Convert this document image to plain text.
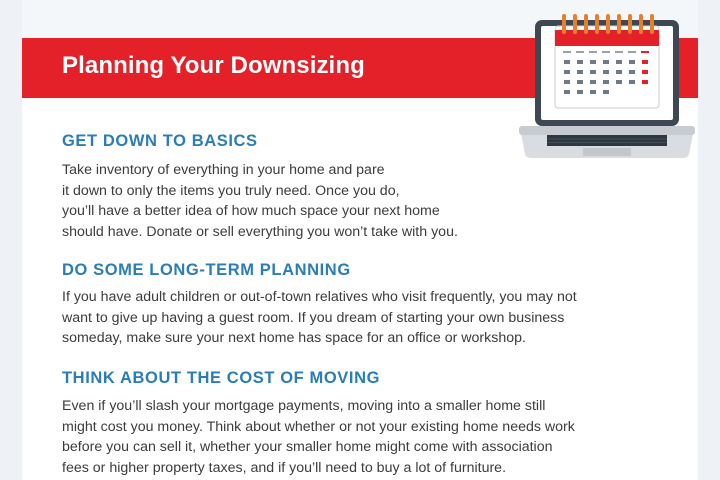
Planning Your Downsizing
GET DOWN TO BASICS
Take inventory of everything in your home and pare
it down to only the items you truly need. Once you do,
you’ll have a better idea of how much space your next home
should have. Donate or sell everything you won’t take with you.
DO SOME LONG-TERM PLANNING
If you have adult children or out-of-town relatives who visit frequently, you may not
want to give up having a guest room. If you dream of starting your own business
someday, make sure your next home has space for an office or workshop.
THINK ABOUT THE COST OF MOVING
Even if you’ll slash your mortgage payments, moving into a smaller home still
might cost you money. Think about whether or not your existing home needs work
before you can sell it, whether your smaller home might come with association
fees or higher property taxes, and if you’ll need to buy a lot of furniture.
